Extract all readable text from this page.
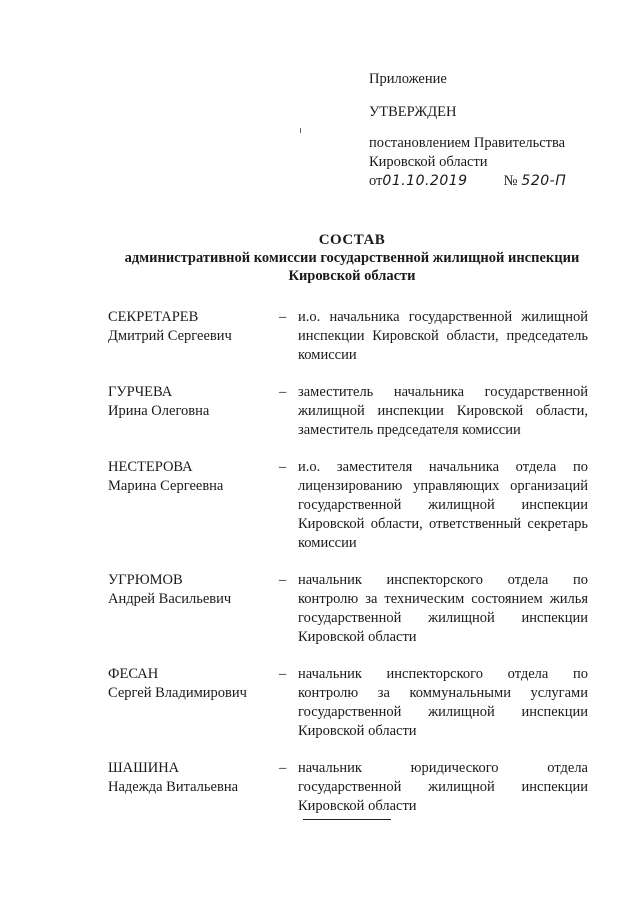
Приложение
УТВЕРЖДЕН
постановлением Правительства
Кировской области
от 01.10.2019 № 520-П
СОСТАВ
административной комиссии государственной жилищной инспекции
Кировской области
СЕКРЕТАРЕВ
Дмитрий Сергеевич
– и.о. начальника государственной жилищной инспекции Кировской области, председатель комиссии
ГУРЧЕВА
Ирина Олеговна
– заместитель начальника государственной жилищной инспекции Кировской области, заместитель председателя комиссии
НЕСТЕРОВА
Марина Сергеевна
– и.о. заместителя начальника отдела по лицензированию управляющих организаций государственной жилищной инспекции Кировской области, ответственный секретарь комиссии
УГРЮМОВ
Андрей Васильевич
– начальник инспекторского отдела по контролю за техническим состоянием жилья государственной жилищной инспекции Кировской области
ФЕСАН
Сергей Владимирович
– начальник инспекторского отдела по контролю за коммунальными услугами государственной жилищной инспекции Кировской области
ШАШИНА
Надежда Витальевна
– начальник юридического отдела государственной жилищной инспекции Кировской области
